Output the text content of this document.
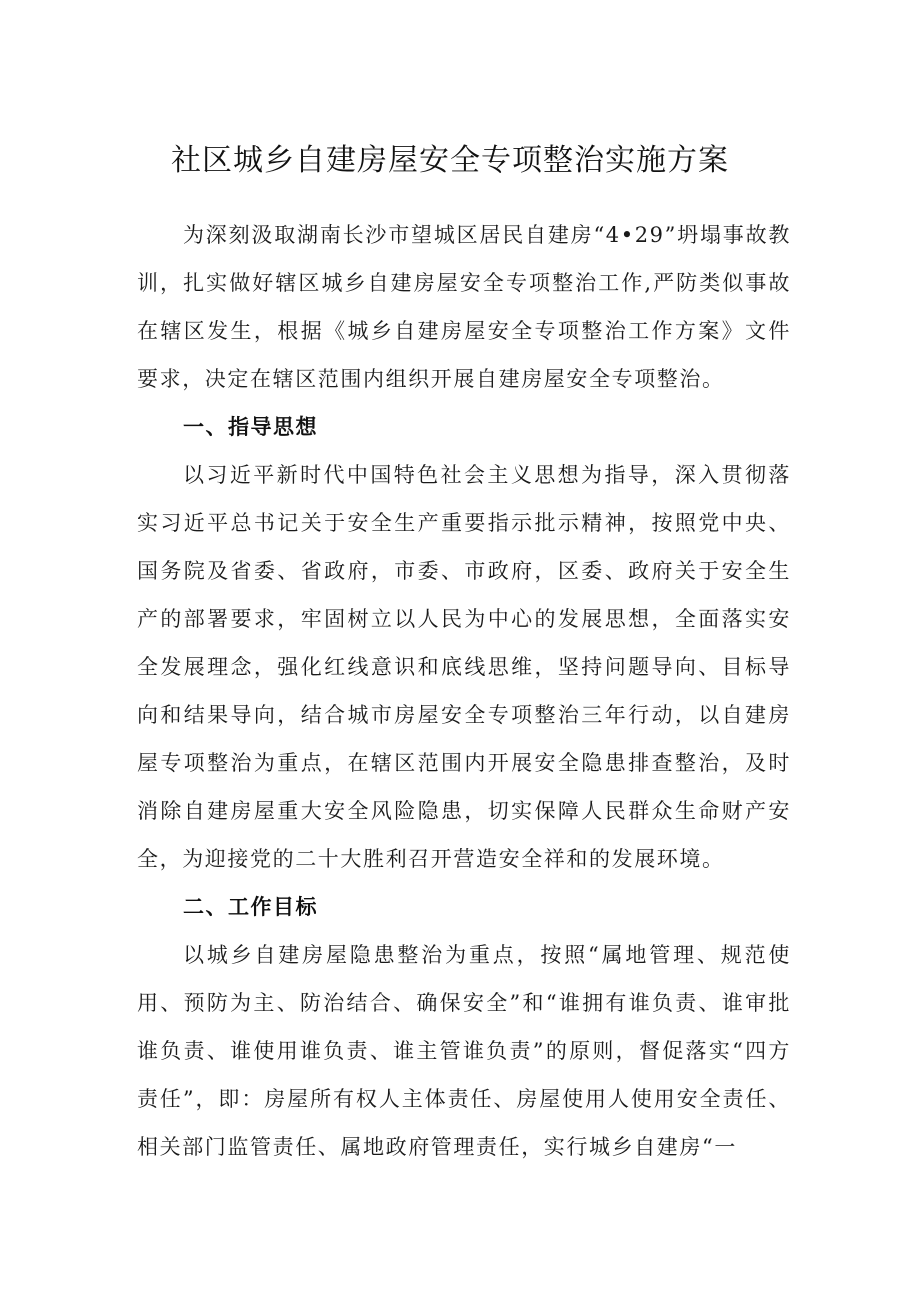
社区城乡自建房屋安全专项整治实施方案

为深刻汲取湖南长沙市望城区居民自建房“4•29”坍塌事故教训，扎实做好辖区城乡自建房屋安全专项整治工作,严防类似事故在辖区发生，根据《城乡自建房屋安全专项整治工作方案》文件要求，决定在辖区范围内组织开展自建房屋安全专项整治。

一、指导思想

以习近平新时代中国特色社会主义思想为指导，深入贯彻落实习近平总书记关于安全生产重要指示批示精神，按照党中央、国务院及省委、省政府，市委、市政府，区委、政府关于安全生产的部署要求，牢固树立以人民为中心的发展思想，全面落实安全发展理念，强化红线意识和底线思维，坚持问题导向、目标导向和结果导向，结合城市房屋安全专项整治三年行动，以自建房屋专项整治为重点，在辖区范围内开展安全隐患排查整治，及时消除自建房屋重大安全风险隐患，切实保障人民群众生命财产安全，为迎接党的二十大胜利召开营造安全祥和的发展环境。

二、工作目标

以城乡自建房屋隐患整治为重点，按照“属地管理、规范使用、预防为主、防治结合、确保安全”和“谁拥有谁负责、谁审批谁负责、谁使用谁负责、谁主管谁负责”的原则，督促落实“四方责任”，即：房屋所有权人主体责任、房屋使用人使用安全责任、相关部门监管责任、属地政府管理责任，实行城乡自建房“一
